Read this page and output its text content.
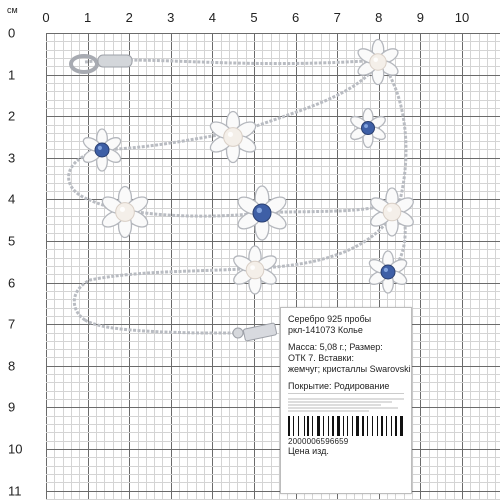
см 0	1	2	3	4	5	6	7	8	9 10
0
1
2
3
4
5
6
7
8
9
10
11
Серебро 925 пробы
ркл-141073 Колье
Масса: 5,08 г.; Размер:
ОТК 7. Вставки:
жемчуг; кристаллы Swarovski
Покрытие: Родирование
2000006596659
Цена изд.
